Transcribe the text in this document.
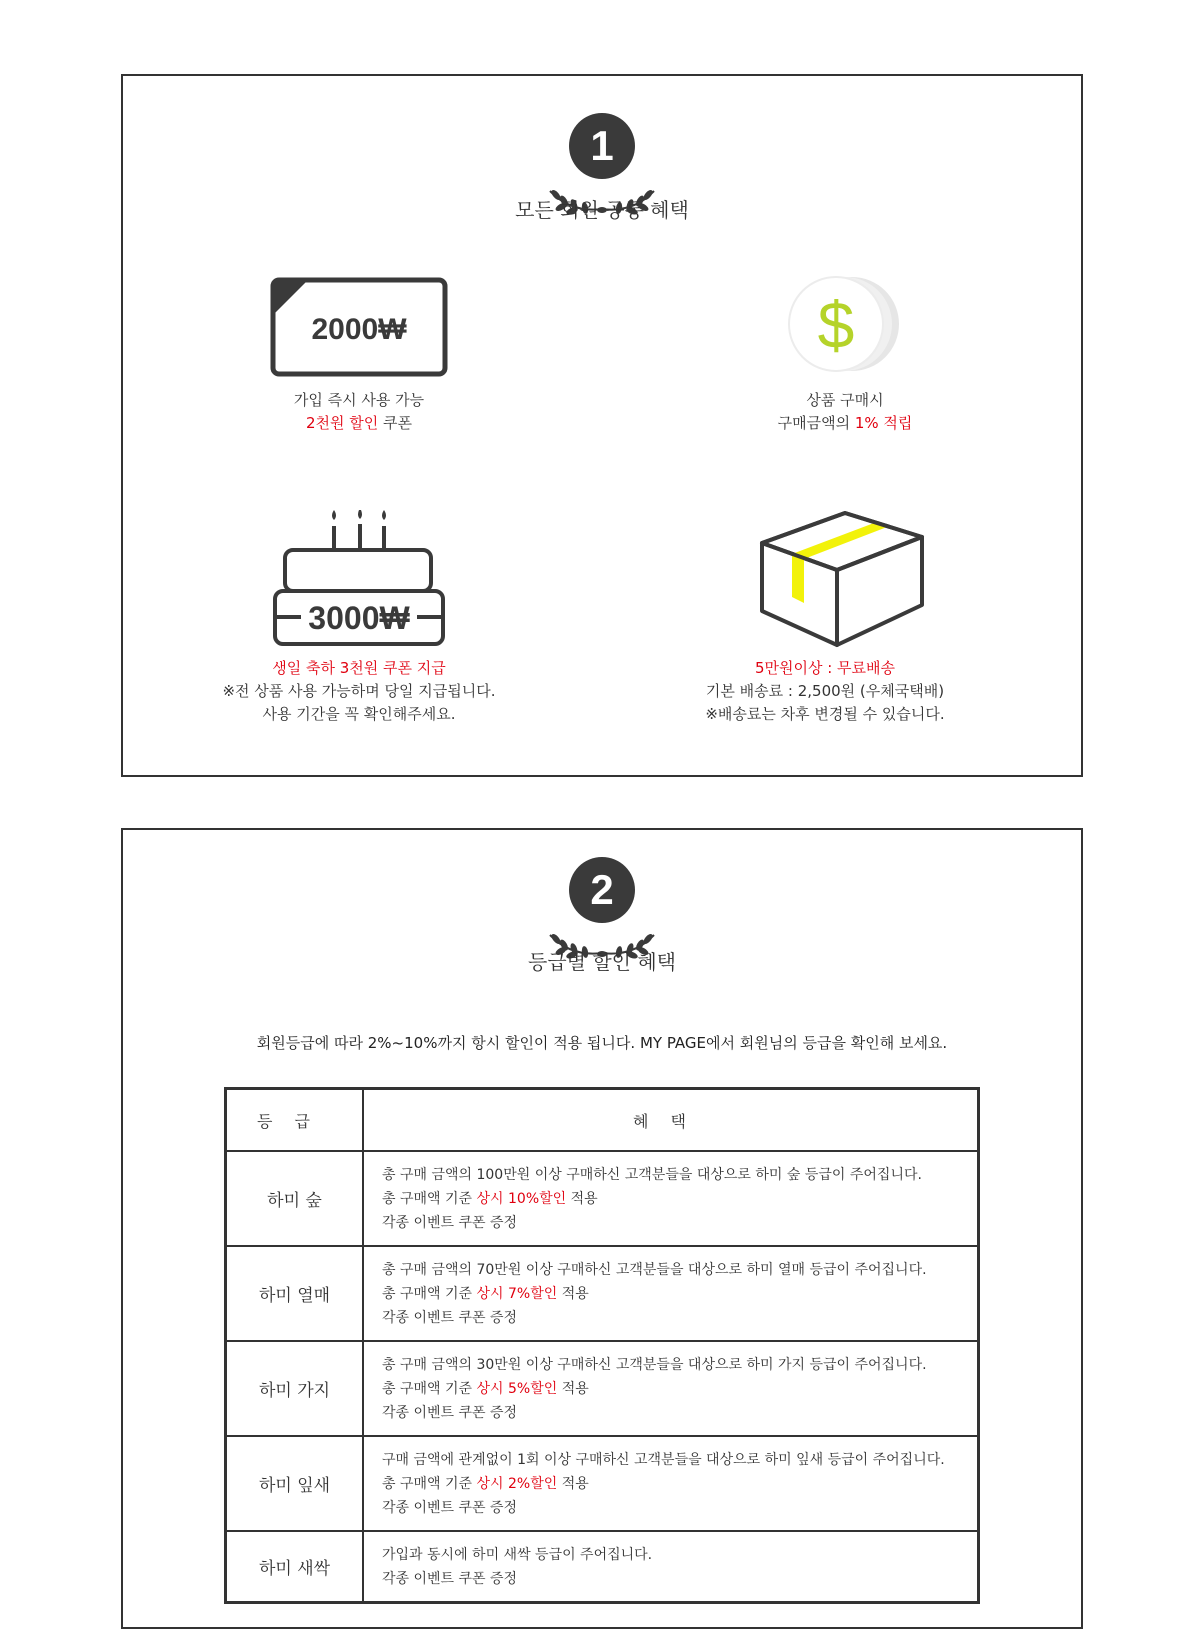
1
모든 회원 공통 혜택
2000₩
가입 즉시 사용 가능
2천원 할인 쿠폰
$
상품 구매시
구매금액의 1% 적립
3000₩
생일 축하 3천원 쿠폰 지급
※전 상품 사용 가능하며 당일 지급됩니다.
사용 기간을 꼭 확인해주세요.
5만원이상 : 무료배송
기본 배송료 : 2,500원 (우체국택배)
※배송료는 차후 변경될 수 있습니다.
2
등급별 할인 혜택
회원등급에 따라 2%~10%까지 항시 할인이 적용 됩니다. MY PAGE에서 회원님의 등급을 확인해 보세요.
등급	혜택
하미 숲	총 구매 금액의 100만원 이상 구매하신 고객분들을 대상으로 하미 숲 등급이 주어집니다.
총 구매액 기준 상시 10%할인 적용
각종 이벤트 쿠폰 증정

하미 열매	총 구매 금액의 70만원 이상 구매하신 고객분들을 대상으로 하미 열매 등급이 주어집니다.
총 구매액 기준 상시 7%할인 적용
각종 이벤트 쿠폰 증정

하미 가지	총 구매 금액의 30만원 이상 구매하신 고객분들을 대상으로 하미 가지 등급이 주어집니다.
총 구매액 기준 상시 5%할인 적용
각종 이벤트 쿠폰 증정

하미 잎새	구매 금액에 관계없이 1회 이상 구매하신 고객분들을 대상으로 하미 잎새 등급이 주어집니다.
총 구매액 기준 상시 2%할인 적용
각종 이벤트 쿠폰 증정

하미 새싹	가입과 동시에 하미 새싹 등급이 주어집니다.
각종 이벤트 쿠폰 증정
